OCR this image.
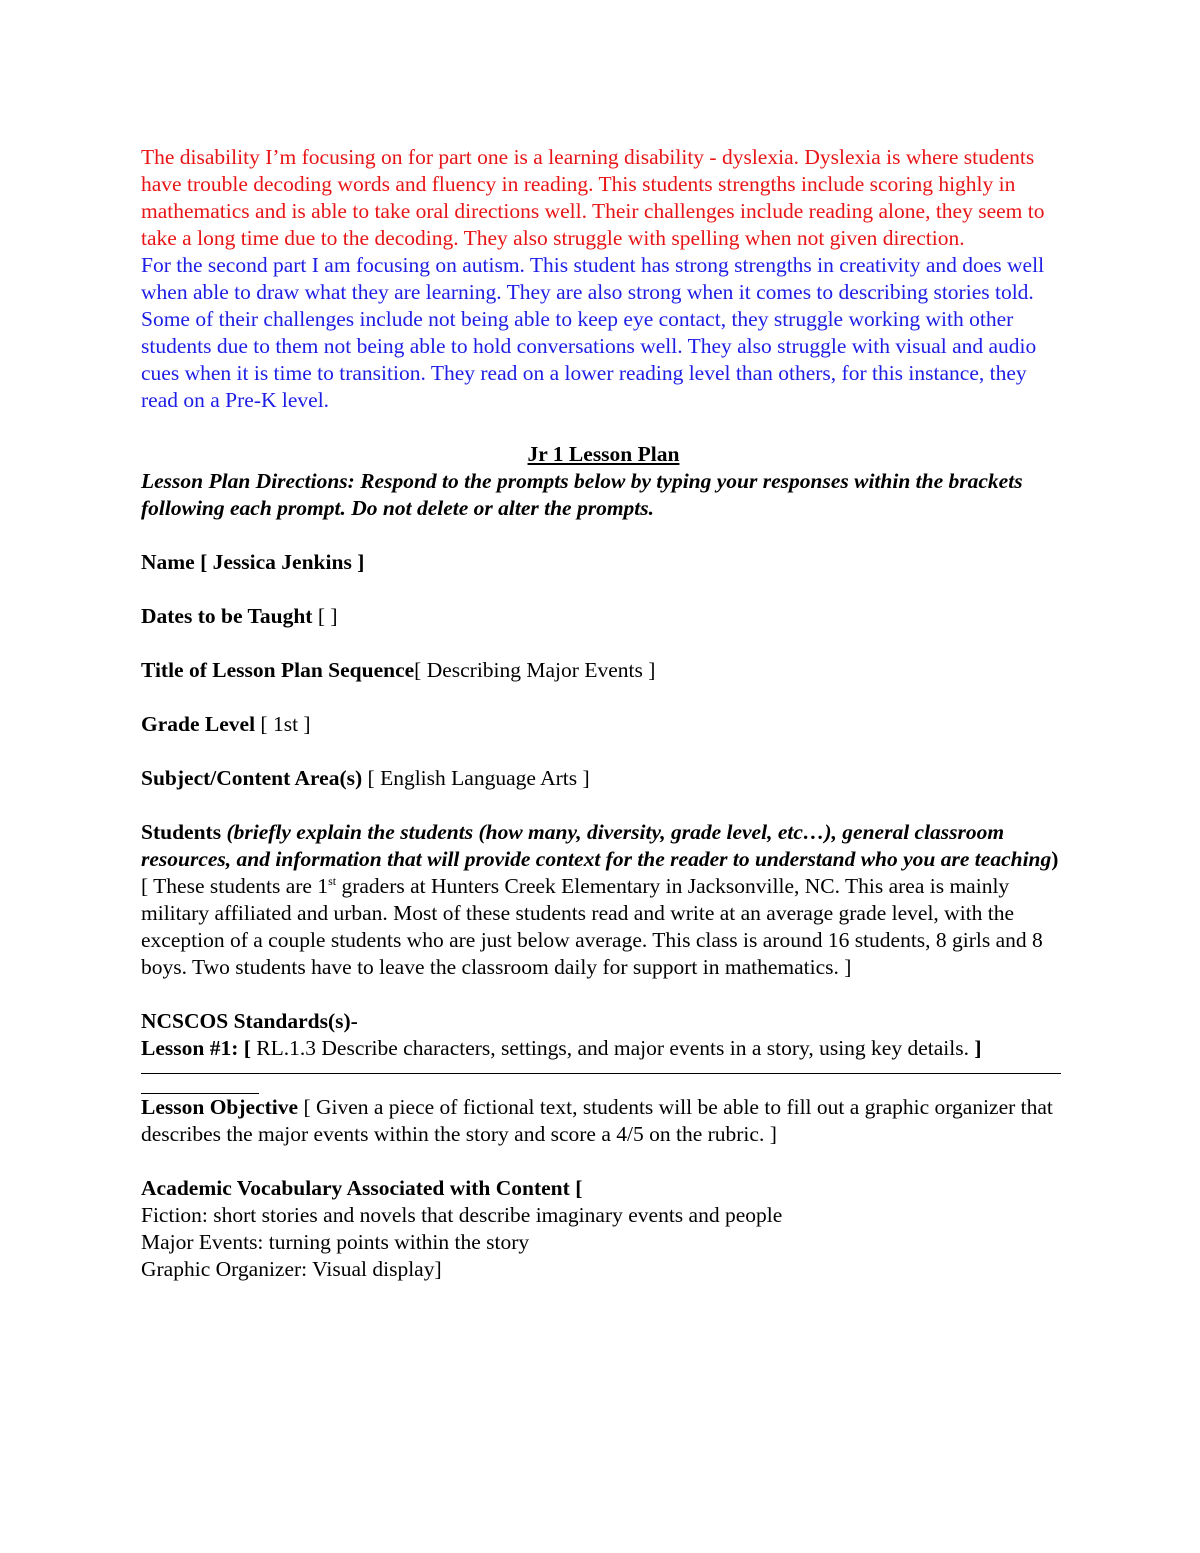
The disability I’m focusing on for part one is a learning disability - dyslexia. Dyslexia is where students have trouble decoding words and fluency in reading. This students strengths include scoring highly in mathematics and is able to take oral directions well. Their challenges include reading alone, they seem to take a long time due to the decoding. They also struggle with spelling when not given direction.

For the second part I am focusing on autism. This student has strong strengths in creativity and does well when able to draw what they are learning. They are also strong when it comes to describing stories told. Some of their challenges include not being able to keep eye contact, they struggle working with other students due to them not being able to hold conversations well. They also struggle with visual and audio cues when it is time to transition. They read on a lower reading level than others, for this instance, they read on a Pre-K level.

Jr 1 Lesson Plan

Lesson Plan Directions: Respond to the prompts below by typing your responses within the brackets following each prompt. Do not delete or alter the prompts.

Name [ Jessica Jenkins ]

Dates to be Taught [ ]

Title of Lesson Plan Sequence[ Describing Major Events ]

Grade Level [ 1st ]

Subject/Content Area(s) [ English Language Arts ]

Students (briefly explain the students (how many, diversity, grade level, etc…), general classroom resources, and information that will provide context for the reader to understand who you are teaching) [ These students are 1st graders at Hunters Creek Elementary in Jacksonville, NC. This area is mainly military affiliated and urban. Most of these students read and write at an average grade level, with the exception of a couple students who are just below average. This class is around 16 students, 8 girls and 8 boys. Two students have to leave the classroom daily for support in mathematics. ]

NCSCOS Standards(s)-

Lesson #1: [ RL.1.3 Describe characters, settings, and major events in a story, using key details. ]

Lesson Objective [ Given a piece of fictional text, students will be able to fill out a graphic organizer that describes the major events within the story and score a 4/5 on the rubric. ]

Academic Vocabulary Associated with Content [

Fiction: short stories and novels that describe imaginary events and people

Major Events: turning points within the story

Graphic Organizer: Visual display]
